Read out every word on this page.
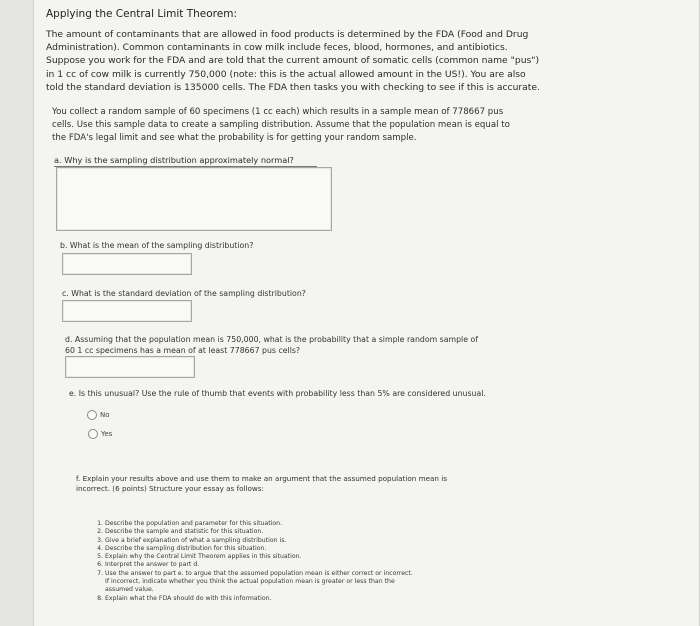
Applying the Central Limit Theorem:
The amount of contaminants that are allowed in food products is determined by the FDA (Food and Drug
Administration). Common contaminants in cow milk include feces, blood, hormones, and antibiotics.
Suppose you work for the FDA and are told that the current amount of somatic cells (common name "pus")
in 1 cc of cow milk is currently 750,000 (note: this is the actual allowed amount in the US!). You are also
told the standard deviation is 135000 cells. The FDA then tasks you with checking to see if this is accurate.
You collect a random sample of 60 specimens (1 cc each) which results in a sample mean of 778667 pus
cells. Use this sample data to create a sampling distribution. Assume that the population mean is equal to
the FDA's legal limit and see what the probability is for getting your random sample.
a. Why is the sampling distribution approximately normal?
b. What is the mean of the sampling distribution?
c. What is the standard deviation of the sampling distribution?
d. Assuming that the population mean is 750,000, what is the probability that a simple random sample of
60 1 cc specimens has a mean of at least 778667 pus cells?
e. Is this unusual? Use the rule of thumb that events with probability less than 5% are considered unusual.
No
Yes
f. Explain your results above and use them to make an argument that the assumed population mean is
incorrect. (6 points) Structure your essay as follows:
1. Describe the population and parameter for this situation.
2. Describe the sample and statistic for this situation.
3. Give a brief explanation of what a sampling distribution is.
4. Describe the sampling distribution for this situation.
5. Explain why the Central Limit Theorem applies in this situation.
6. Interpret the answer to part d.
7. Use the answer to part e. to argue that the assumed population mean is either correct or incorrect.
If incorrect, indicate whether you think the actual population mean is greater or less than the
assumed value.
8. Explain what the FDA should do with this information.
